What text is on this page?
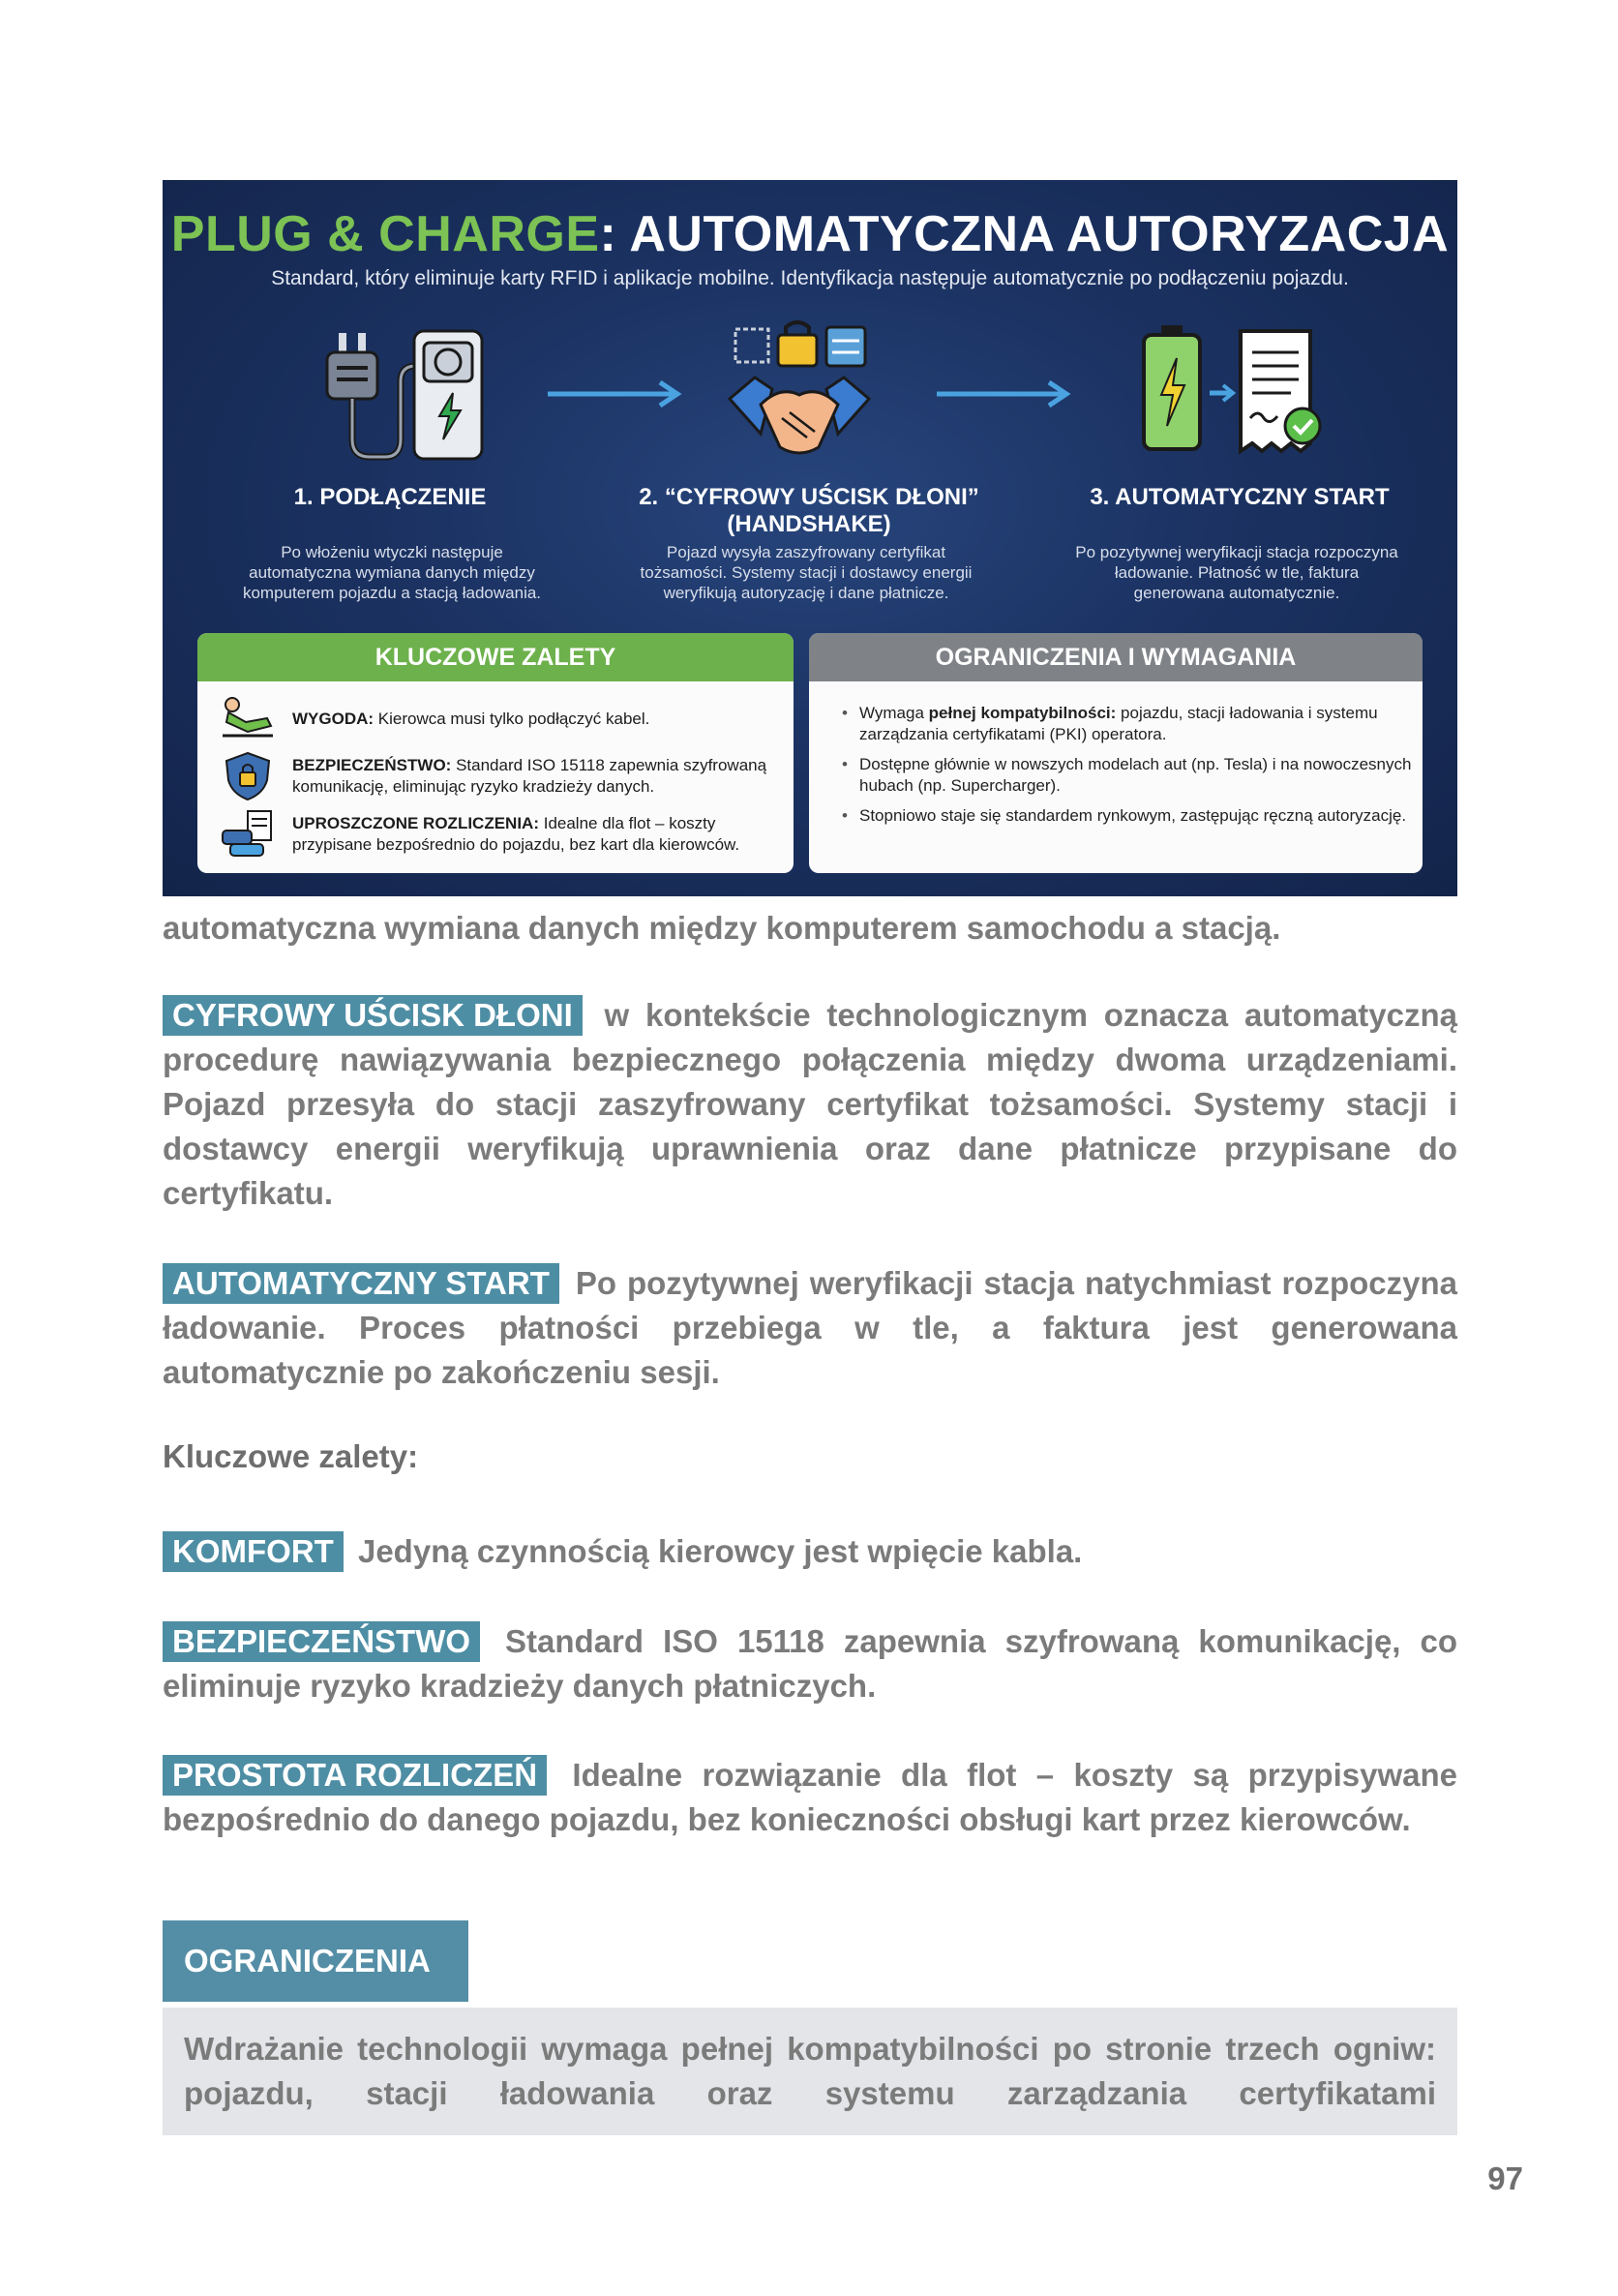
PLUG & CHARGE: AUTOMATYCZNA AUTORYZACJA
Standard, który eliminuje karty RFID i aplikacje mobilne. Identyfikacja następuje automatycznie po podłączeniu pojazdu.
1. PODŁĄCZENIE
Po włożeniu wtyczki następuje automatyczna wymiana danych między komputerem pojazdu a stacją ładowania.
2. “CYFROWY UŚCISK DŁONI” (HANDSHAKE)
Pojazd wysyła zaszyfrowany certyfikat tożsamości. Systemy stacji i dostawcy energii weryfikują autoryzację i dane płatnicze.
3. AUTOMATYCZNY START
Po pozytywnej weryfikacji stacja rozpoczyna ładowanie. Płatność w tle, faktura generowana automatycznie.
KLUCZOWE ZALETY
WYGODA: Kierowca musi tylko podłączyć kabel.
BEZPIECZEŃSTWO: Standard ISO 15118 zapewnia szyfrowaną komunikację, eliminując ryzyko kradzieży danych.
UPROSZCZONE ROZLICZENIA: Idealne dla flot – koszty przypisane bezpośrednio do pojazdu, bez kart dla kierowców.
OGRANICZENIA I WYMAGANIA
• Wymaga pełnej kompatybilności: pojazdu, stacji ładowania i systemu zarządzania certyfikatami (PKI) operatora.
• Dostępne głównie w nowszych modelach aut (np. Tesla) i na nowoczesnych hubach (np. Supercharger).
• Stopniowo staje się standardem rynkowym, zastępując ręczną autoryzację.
automatyczna wymiana danych między komputerem samochodu a stacją.
CYFROWY UŚCISK DŁONI w kontekście technologicznym oznacza automatyczną procedurę nawiązywania bezpiecznego połączenia między dwoma urządzeniami. Pojazd przesyła do stacji zaszyfrowany certyfikat tożsamości. Systemy stacji i dostawcy energii weryfikują uprawnienia oraz dane płatnicze przypisane do certyfikatu.
AUTOMATYCZNY START Po pozytywnej weryfikacji stacja natychmiast rozpoczyna ładowanie. Proces płatności przebiega w tle, a faktura jest generowana automatycznie po zakończeniu sesji.
Kluczowe zalety:
KOMFORT Jedyną czynnością kierowcy jest wpięcie kabla.
BEZPIECZEŃSTWO Standard ISO 15118 zapewnia szyfrowaną komunikację, co eliminuje ryzyko kradzieży danych płatniczych.
PROSTOTA ROZLICZEŃ Idealne rozwiązanie dla flot – koszty są przypisywane bezpośrednio do danego pojazdu, bez konieczności obsługi kart przez kierowców.
OGRANICZENIA
Wdrażanie technologii wymaga pełnej kompatybilności po stronie trzech ogniw: pojazdu, stacji ładowania oraz systemu zarządzania certyfikatami
97
